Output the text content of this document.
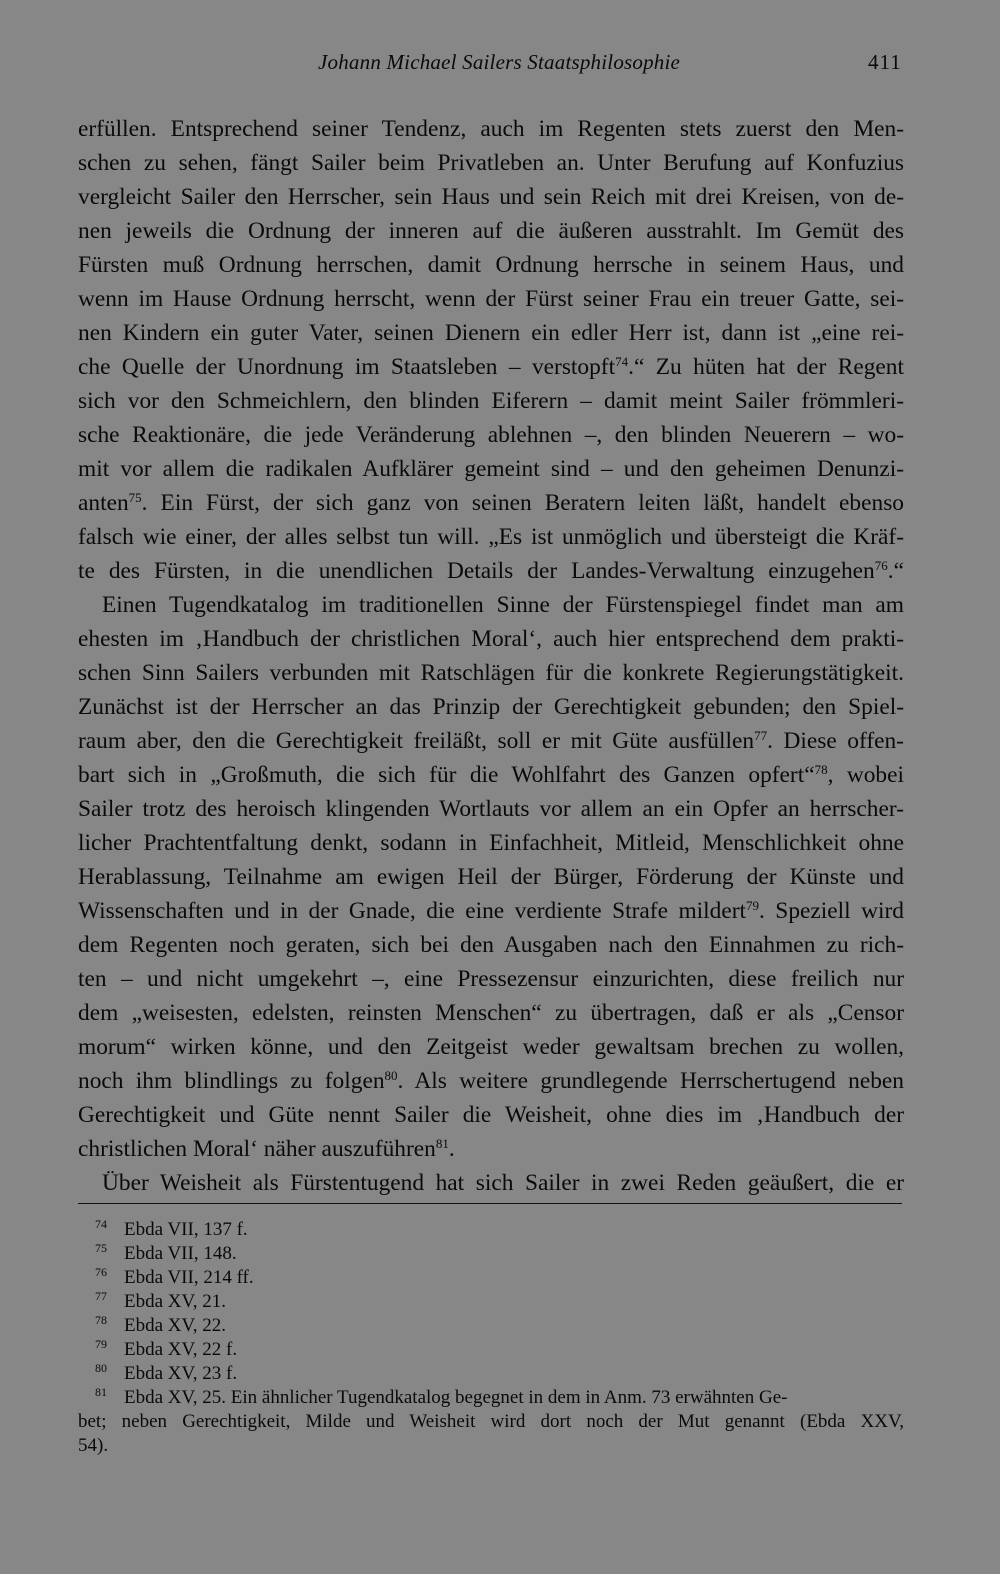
Johann Michael Sailers Staatsphilosophie	411
erfüllen. Entsprechend seiner Tendenz, auch im Regenten stets zuerst den Men-
schen zu sehen, fängt Sailer beim Privatleben an. Unter Berufung auf Konfuzius
vergleicht Sailer den Herrscher, sein Haus und sein Reich mit drei Kreisen, von de-
nen jeweils die Ordnung der inneren auf die äußeren ausstrahlt. Im Gemüt des
Fürsten muß Ordnung herrschen, damit Ordnung herrsche in seinem Haus, und
wenn im Hause Ordnung herrscht, wenn der Fürst seiner Frau ein treuer Gatte, sei-
nen Kindern ein guter Vater, seinen Dienern ein edler Herr ist, dann ist „eine rei-
che Quelle der Unordnung im Staatsleben – verstopft$^{74}$.“ Zu hüten hat der Regent
sich vor den Schmeichlern, den blinden Eiferern – damit meint Sailer frömmleri-
sche Reaktionäre, die jede Veränderung ablehnen –, den blinden Neuerern – wo-
mit vor allem die radikalen Aufklärer gemeint sind – und den geheimen Denunzi-
anten$^{75}$. Ein Fürst, der sich ganz von seinen Beratern leiten läßt, handelt ebenso
falsch wie einer, der alles selbst tun will. „Es ist unmöglich und übersteigt die Kräf-
te des Fürsten, in die unendlichen Details der Landes-Verwaltung einzugehen$^{76}$.“
Einen Tugendkatalog im traditionellen Sinne der Fürstenspiegel findet man am
ehesten im ‚Handbuch der christlichen Moral‘, auch hier entsprechend dem prakti-
schen Sinn Sailers verbunden mit Ratschlägen für die konkrete Regierungstätigkeit.
Zunächst ist der Herrscher an das Prinzip der Gerechtigkeit gebunden; den Spiel-
raum aber, den die Gerechtigkeit freiläßt, soll er mit Güte ausfüllen$^{77}$. Diese offen-
bart sich in „Großmuth, die sich für die Wohlfahrt des Ganzen opfert“$^{78}$, wobei
Sailer trotz des heroisch klingenden Wortlauts vor allem an ein Opfer an herrscher-
licher Prachtentfaltung denkt, sodann in Einfachheit, Mitleid, Menschlichkeit ohne
Herablassung, Teilnahme am ewigen Heil der Bürger, Förderung der Künste und
Wissenschaften und in der Gnade, die eine verdiente Strafe mildert$^{79}$. Speziell wird
dem Regenten noch geraten, sich bei den Ausgaben nach den Einnahmen zu rich-
ten – und nicht umgekehrt –, eine Pressezensur einzurichten, diese freilich nur
dem „weisesten, edelsten, reinsten Menschen“ zu übertragen, daß er als „Censor
morum“ wirken könne, und den Zeitgeist weder gewaltsam brechen zu wollen,
noch ihm blindlings zu folgen$^{80}$. Als weitere grundlegende Herrschertugend neben
Gerechtigkeit und Güte nennt Sailer die Weisheit, ohne dies im ‚Handbuch der
christlichen Moral‘ näher auszuführen$^{81}$.
Über Weisheit als Fürstentugend hat sich Sailer in zwei Reden geäußert, die er
74 Ebda VII, 137 f.
75 Ebda VII, 148.
76 Ebda VII, 214 ff.
77 Ebda XV, 21.
78 Ebda XV, 22.
79 Ebda XV, 22 f.
80 Ebda XV, 23 f.
81 Ebda XV, 25. Ein ähnlicher Tugendkatalog begegnet in dem in Anm. 73 erwähnten Ge-
bet; neben Gerechtigkeit, Milde und Weisheit wird dort noch der Mut genannt (Ebda XXV,
54).
